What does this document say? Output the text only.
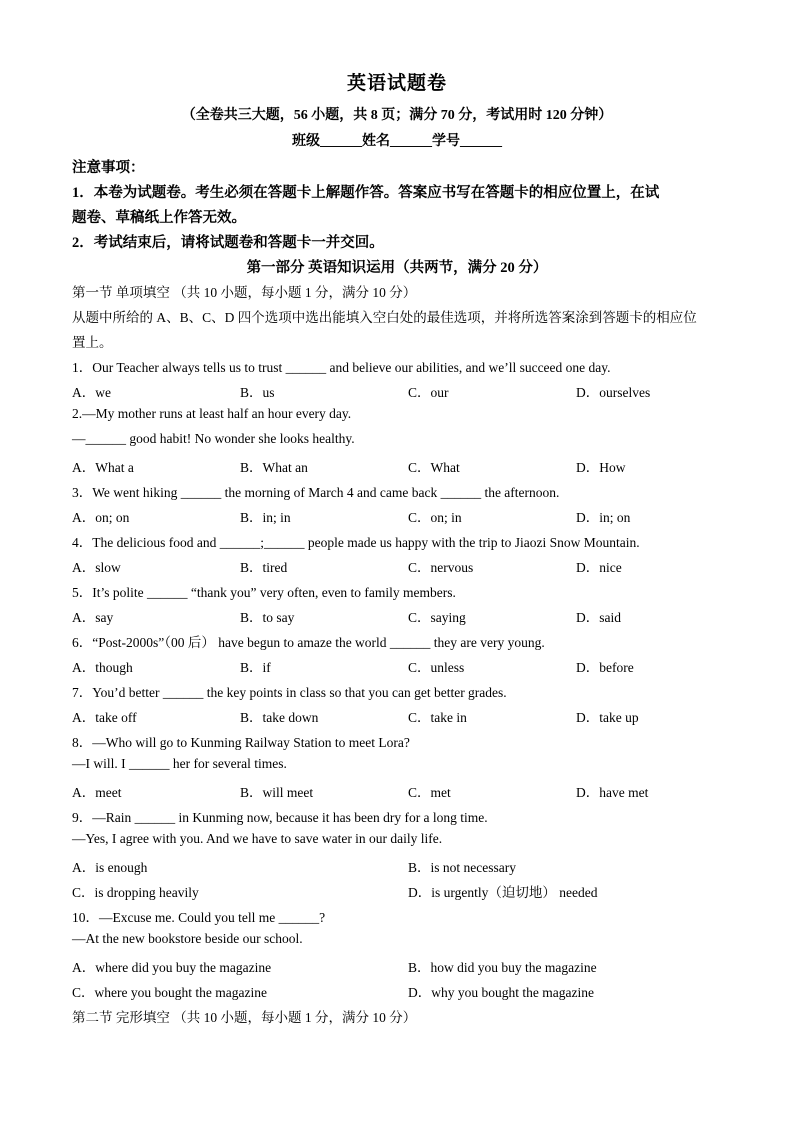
英语试题卷
（全卷共三大题，56 小题，共 8 页；满分 70 分，考试用时 120 分钟）
班级______姓名______学号______
注意事项：
1．本卷为试题卷。考生必须在答题卡上解题作答。答案应书写在答题卡的相应位置上，在试
题卷、草稿纸上作答无效。
2．考试结束后，请将试题卷和答题卡一并交回。
第一部分 英语知识运用（共两节，满分 20 分）
第一节 单项填空 （共 10 小题，每小题 1 分，满分 10 分）
从题中所给的 A、B、C、D 四个选项中选出能填入空白处的最佳选项，并将所选答案涂到答题卡的相应位
置上。
1．Our Teacher always tells us to trust ______ and believe our abilities, and we’ll succeed one day.
A．we	B．us	C．our	D．ourselves
2.—My mother runs at least half an hour every day.
—______ good habit! No wonder she looks healthy.
A．What a	B．What an	C．What	D．How
3．We went hiking ______ the morning of March 4 and came back ______ the afternoon.
A．on; on	B．in; in	C．on; in	D．in; on
4．The delicious food and ______;______ people made us happy with the trip to Jiaozi Snow Mountain.
A．slow	B．tired	C．nervous	D．nice
5．It’s polite ______ “thank you” very often, even to family members.
A．say	B．to say	C．saying	D．said
6．“Post-2000s”（00 后） have begun to amaze the world ______ they are very young.
A．though	B．if	C．unless	D．before
7．You’d better ______ the key points in class so that you can get better grades.
A．take off	B．take down	C．take in	D．take up
8．—Who will go to Kunming Railway Station to meet Lora?
—I will. I ______ her for several times.
A．meet	B．will meet	C．met	D．have met
9．—Rain ______ in Kunming now, because it has been dry for a long time.
—Yes, I agree with you. And we have to save water in our daily life.
A．is enough	B．is not necessary
C．is dropping heavily	D．is urgently（迫切地） needed
10．—Excuse me. Could you tell me ______?
—At the new bookstore beside our school.
A．where did you buy the magazine	B．how did you buy the magazine
C．where you bought the magazine	D．why you bought the magazine
第二节 完形填空 （共 10 小题，每小题 1 分，满分 10 分）
